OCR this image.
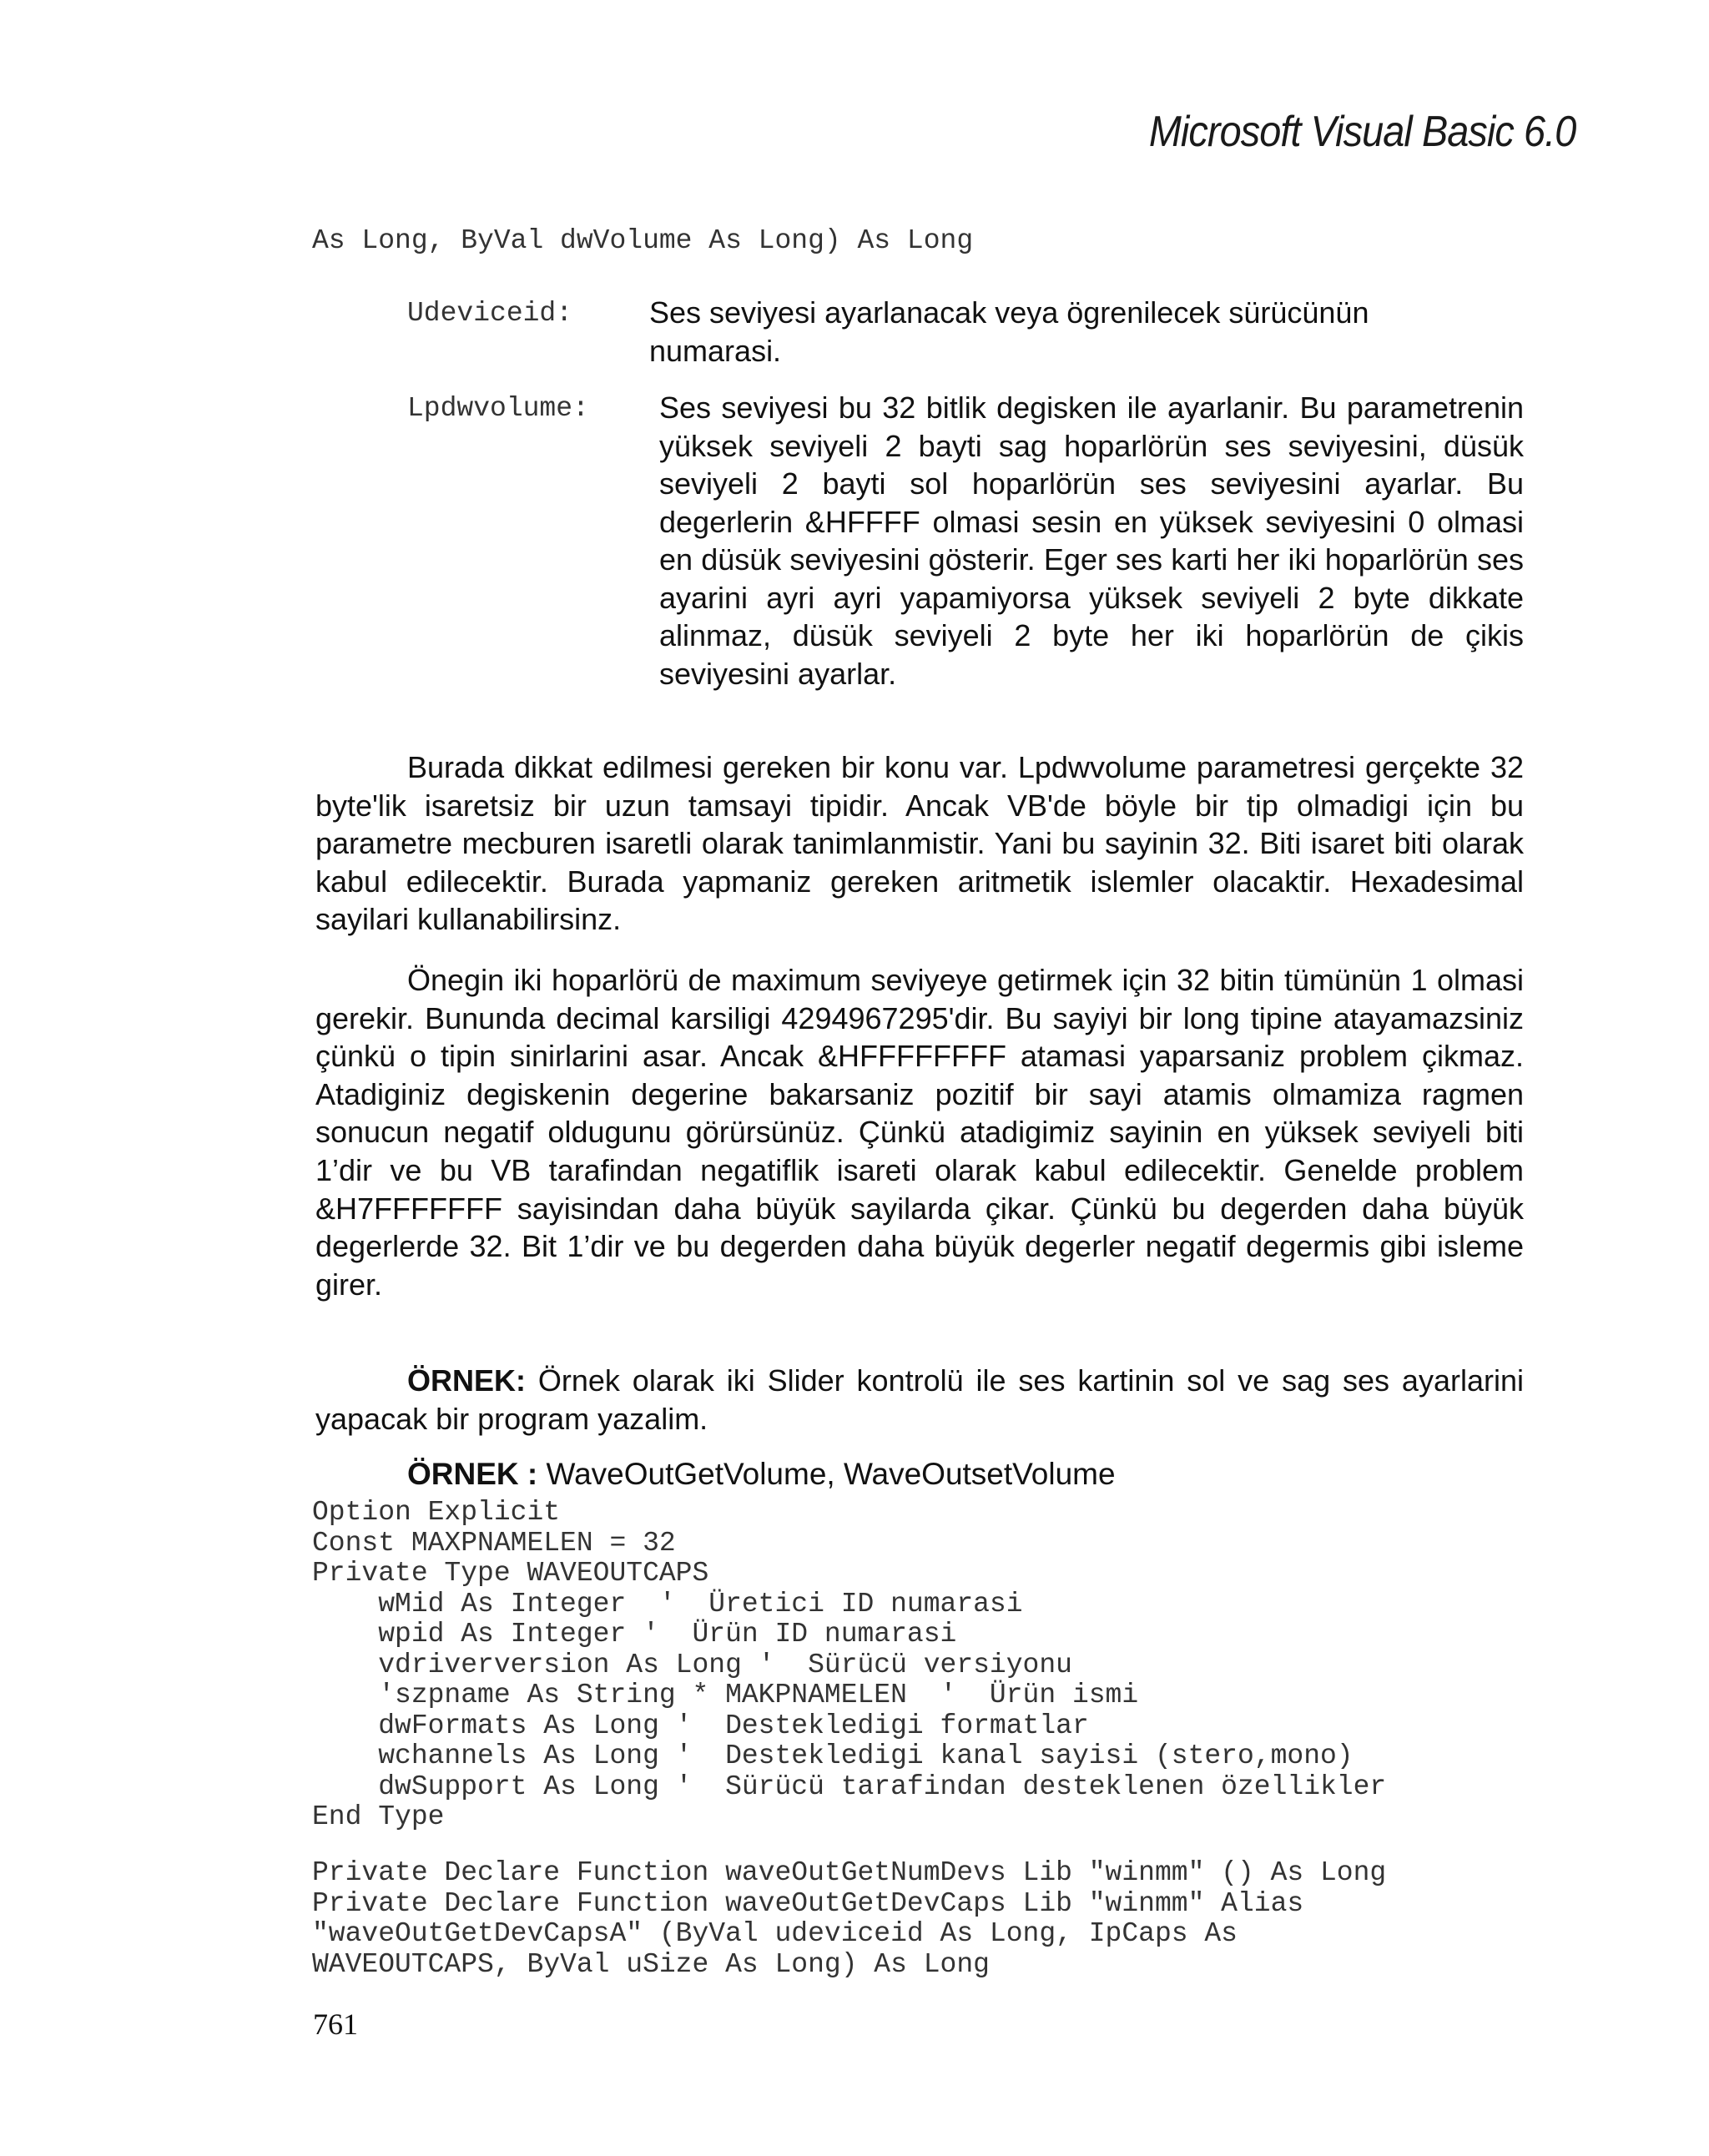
Microsoft Visual Basic 6.0
As Long, ByVal dwVolume As Long) As Long
Udeviceid:	Ses seviyesi ayarlanacak veya ögrenilecek sürücünün numarasi.
Lpdwvolume: Ses seviyesi bu 32 bitlik degisken ile ayarlanir. Bu parametrenin yüksek seviyeli 2 bayti sag hoparlörün ses seviyesini, düsük seviyeli 2 bayti sol hoparlörün ses seviyesini ayarlar. Bu degerlerin &HFFFF olmasi sesin en yüksek seviyesini 0 olmasi en düsük seviyesini gösterir. Eger ses karti her iki hoparlörün ses ayarini ayri ayri yapamiyorsa yüksek seviyeli 2 byte dikkate alinmaz, düsük seviyeli 2 byte her iki hoparlörün de çikis seviyesini ayarlar.

Burada dikkat edilmesi gereken bir konu var. Lpdwvolume parametresi gerçekte 32 byte'lik isaretsiz bir uzun tamsayi tipidir. Ancak VB'de böyle bir tip olmadigi için bu parametre mecburen isaretli olarak tanimlanmistir. Yani bu sayinin 32. Biti isaret biti olarak kabul edilecektir. Burada yapmaniz gereken aritmetik islemler olacaktir. Hexadesimal sayilari kullanabilirsinz.

Önegin iki hoparlörü de maximum seviyeye getirmek için 32 bitin tümünün 1 olmasi gerekir. Bununda decimal karsiligi 4294967295'dir. Bu sayiyi bir long tipine atayamazsiniz çünkü o tipin sinirlarini asar. Ancak &HFFFFFFFF atamasi yaparsaniz problem çikmaz. Atadiginiz degiskenin degerine bakarsaniz pozitif bir sayi atamis olmamiza ragmen sonucun negatif oldugunu görürsünüz. Çünkü atadigimiz sayinin en yüksek seviyeli biti 1’dir ve bu VB tarafindan negatiflik isareti olarak kabul edilecektir. Genelde problem &H7FFFFFFF sayisindan daha büyük sayilarda çikar. Çünkü bu degerden daha büyük degerlerde 32. Bit 1’dir ve bu degerden daha büyük degerler negatif degermis gibi isleme girer.

ÖRNEK: Örnek olarak iki Slider kontrolü ile ses kartinin sol ve sag ses ayarlarini yapacak bir program yazalim.

ÖRNEK : WaveOutGetVolume, WaveOutsetVolume
Option Explicit
Const MAXPNAMELEN = 32
Private Type WAVEOUTCAPS
wMid As Integer  '  Üretici ID numarasi
wpid As Integer '  Ürün ID numarasi
vdriverversion As Long '  Sürücü versiyonu
'szpname As String * MAKPNAMELEN  '  Ürün ismi
dwFormats As Long '  Destekledigi formatlar
wchannels As Long '  Destekledigi kanal sayisi (stero,mono)
dwSupport As Long '  Sürücü tarafindan desteklenen özellikler
End Type
Private Declare Function waveOutGetNumDevs Lib "winmm" () As Long
Private Declare Function waveOutGetDevCaps Lib "winmm" Alias
"waveOutGetDevCapsA" (ByVal udeviceid As Long, IpCaps As
WAVEOUTCAPS, ByVal uSize As Long) As Long
761
